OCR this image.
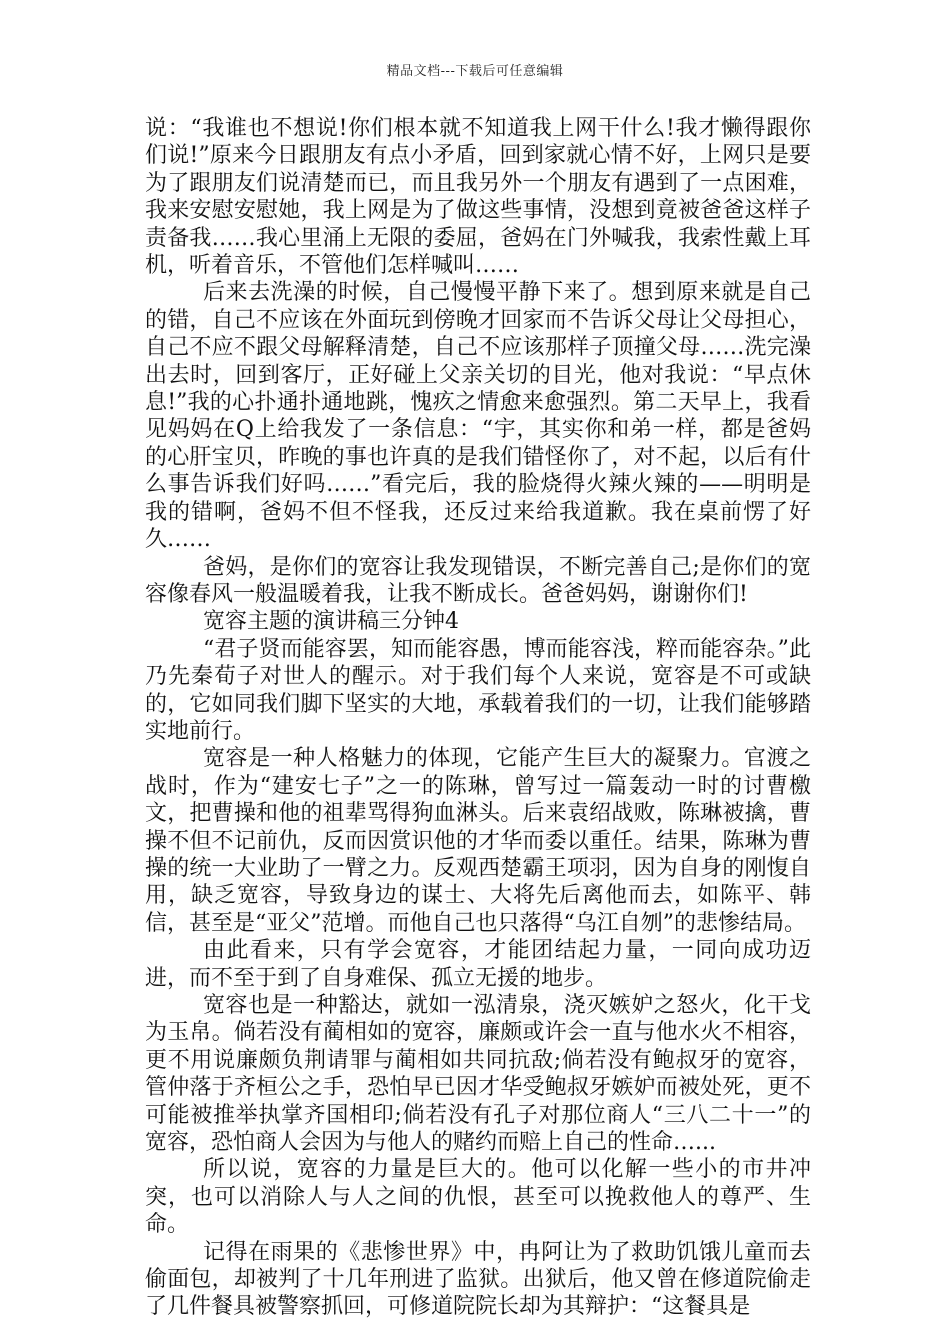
精品文档---下载后可任意编辑

说：“我谁也不想说!你们根本就不知道我上网干什么!我才懒得跟你们说!”原来今日跟朋友有点小矛盾，回到家就心情不好，上网只是要为了跟朋友们说清楚而已，而且我另外一个朋友有遇到了一点困难，我来安慰安慰她，我上网是为了做这些事情，没想到竟被爸爸这样子责备我……我心里涌上无限的委屈，爸妈在门外喊我，我索性戴上耳机，听着音乐，不管他们怎样喊叫……

后来去洗澡的时候，自己慢慢平静下来了。想到原来就是自己的错，自己不应该在外面玩到傍晚才回家而不告诉父母让父母担心，自己不应不跟父母解释清楚，自己不应该那样子顶撞父母……洗完澡出去时，回到客厅，正好碰上父亲关切的目光，他对我说：“早点休息!”我的心扑通扑通地跳，愧疚之情愈来愈强烈。第二天早上，我看见妈妈在Q上给我发了一条信息：“宇，其实你和弟一样，都是爸妈的心肝宝贝，昨晚的事也许真的是我们错怪你了，对不起，以后有什么事告诉我们好吗……”看完后，我的脸烧得火辣火辣的——明明是我的错啊，爸妈不但不怪我，还反过来给我道歉。我在桌前愣了好久……

爸妈，是你们的宽容让我发现错误，不断完善自己;是你们的宽容像春风一般温暖着我，让我不断成长。爸爸妈妈，谢谢你们!

宽容主题的演讲稿三分钟4

“君子贤而能容罢，知而能容愚，博而能容浅，粹而能容杂。”此乃先秦荀子对世人的醒示。对于我们每个人来说，宽容是不可或缺的，它如同我们脚下坚实的大地，承载着我们的一切，让我们能够踏实地前行。

宽容是一种人格魅力的体现，它能产生巨大的凝聚力。官渡之战时，作为“建安七子”之一的陈琳，曾写过一篇轰动一时的讨曹檄文，把曹操和他的祖辈骂得狗血淋头。后来袁绍战败，陈琳被擒，曹操不但不记前仇，反而因赏识他的才华而委以重任。结果，陈琳为曹操的统一大业助了一臂之力。反观西楚霸王项羽，因为自身的刚愎自用，缺乏宽容，导致身边的谋士、大将先后离他而去，如陈平、韩信，甚至是“亚父”范增。而他自己也只落得“乌江自刎”的悲惨结局。

由此看来，只有学会宽容，才能团结起力量，一同向成功迈进，而不至于到了自身难保、孤立无援的地步。

宽容也是一种豁达，就如一泓清泉，浇灭嫉妒之怒火，化干戈为玉帛。倘若没有蔺相如的宽容，廉颇或许会一直与他水火不相容，更不用说廉颇负荆请罪与蔺相如共同抗敌;倘若没有鲍叔牙的宽容，管仲落于齐桓公之手，恐怕早已因才华受鲍叔牙嫉妒而被处死，更不可能被推举执掌齐国相印;倘若没有孔子对那位商人“三八二十一”的宽容，恐怕商人会因为与他人的赌约而赔上自己的性命…...

所以说，宽容的力量是巨大的。他可以化解一些小的市井冲突，也可以消除人与人之间的仇恨，甚至可以挽救他人的尊严、生命。

记得在雨果的《悲惨世界》中，冉阿让为了救助饥饿儿童而去偷面包，却被判了十几年刑进了监狱。出狱后，他又曾在修道院偷走了几件餐具被警察抓回，可修道院院长却为其辩护：“这餐具是
